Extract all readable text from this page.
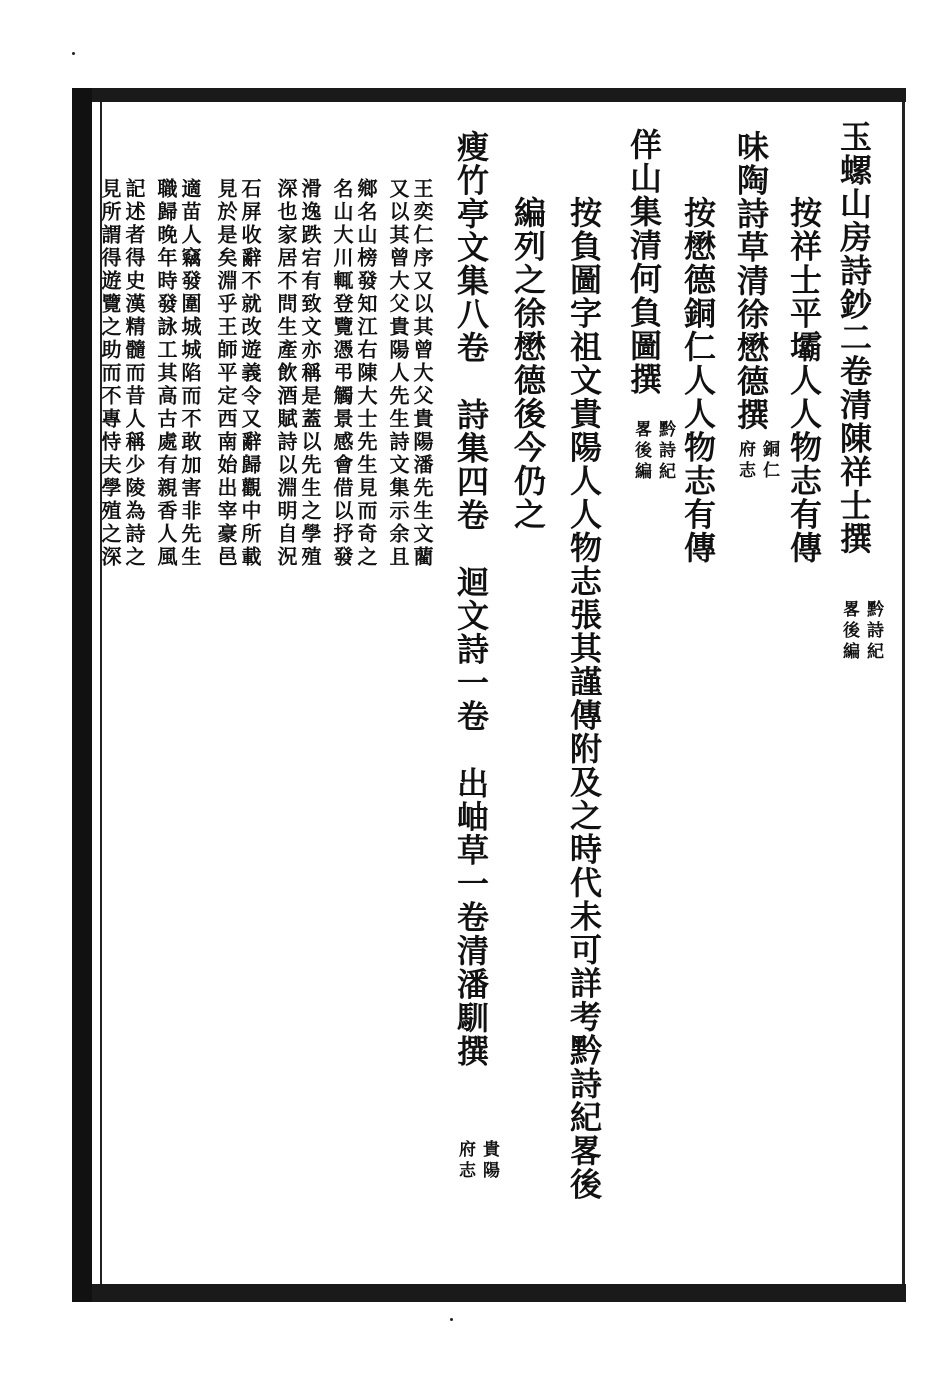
玉螺山房詩鈔二卷清陳祥士撰
黔詩紀
畧後編
按祥士平壩人人物志有傳
味陶詩草清徐懋德撰
銅仁
府志
按懋德銅仁人人物志有傳
佯山集清何負圖撰
黔詩紀
畧後編
按負圖字祖文貴陽人人物志張其謹傳附及之時代未可詳考黔詩紀畧後
編列之徐懋德後今仍之
瘦竹亭文集八卷　詩集四卷　迴文詩一卷　出岫草一卷清潘馴撰
貴陽
府志
王奕仁序又以其曾大父貴陽潘先生文藺
又以其曾大父貴陽人先生詩文集示余且
鄉名山榜發知江右陳大士先生見而奇之
名山大川輒登覽憑弔觸景感會借以抒發
滑逸跌宕有致文亦稱是蓋以先生之學殖
深也家居不問生產飲酒賦詩以淵明自況
石屏收辭不就改遊義令又辭歸觀中所載
見於是矣淵乎王師平定西南始出宰豪邑
適苗人竊發圍城城陷而不敢加害非先生
職歸晚年時發詠工其高古處有親香人風
記述者得史漢精髓而昔人稱少陵為詩之
見所謂得遊覽之助而不專恃夫學殖之深
